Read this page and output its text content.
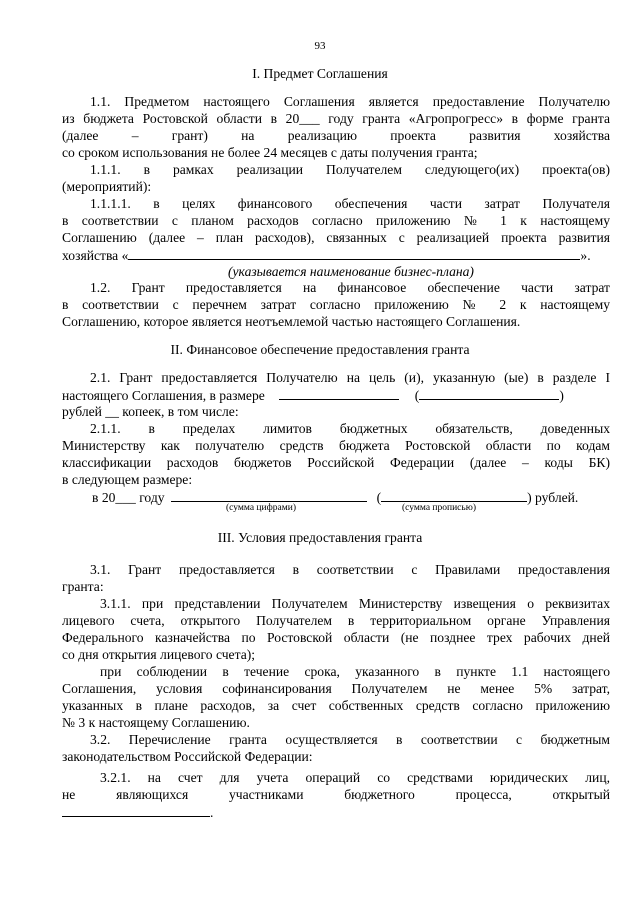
93
I. Предмет Соглашения
1.1. Предметом настоящего Соглашения является предоставление Получателю
из бюджета Ростовской области в 20___ году гранта «Агропрогресс» в форме гранта
(далее – грант) на реализацию проекта развития хозяйства
со сроком использования не более 24 месяцев с даты получения гранта;
1.1.1. в рамках реализации Получателем следующего(их) проекта(ов)
(мероприятий):
1.1.1.1. в целях финансового обеспечения части затрат Получателя
в соответствии с планом расходов согласно приложению № 1 к настоящему
Соглашению (далее – план расходов), связанных с реализацией проекта развития
хозяйства «	».
(указывается наименование бизнес-плана)
1.2. Грант предоставляется на финансовое обеспечение части затрат
в соответствии с перечнем затрат согласно приложению № 2 к настоящему
Соглашению, которое является неотъемлемой частью настоящего Соглашения.
II. Финансовое обеспечение предоставления гранта
2.1. Грант предоставляется Получателю на цель (и), указанную (ые) в разделе I
настоящего Соглашения, в размере	(	)
рублей __ копеек, в том числе:
2.1.1. в пределах лимитов бюджетных обязательств, доведенных
Министерству как получателю средств бюджета Ростовской области по кодам
классификации расходов бюджетов Российской Федерации (далее – коды БК)
в следующем размере:
в 20___ году	(	) рублей.
(сумма цифрами)	(сумма прописью)
III. Условия предоставления гранта
3.1. Грант предоставляется в соответствии с Правилами предоставления
гранта:
3.1.1. при представлении Получателем Министерству извещения о реквизитах
лицевого счета, открытого Получателем в территориальном органе Управления
Федерального казначейства по Ростовской области (не позднее трех рабочих дней
со дня открытия лицевого счета);
при соблюдении в течение срока, указанного в пункте 1.1 настоящего
Соглашения, условия софинансирования Получателем не менее 5% затрат,
указанных в плане расходов, за счет собственных средств согласно приложению
№ 3 к настоящему Соглашению.
3.2. Перечисление гранта осуществляется в соответствии с бюджетным
законодательством Российской Федерации:
3.2.1. на счет для учета операций со средствами юридических лиц,
не являющихся участниками бюджетного процесса, открытый
.
